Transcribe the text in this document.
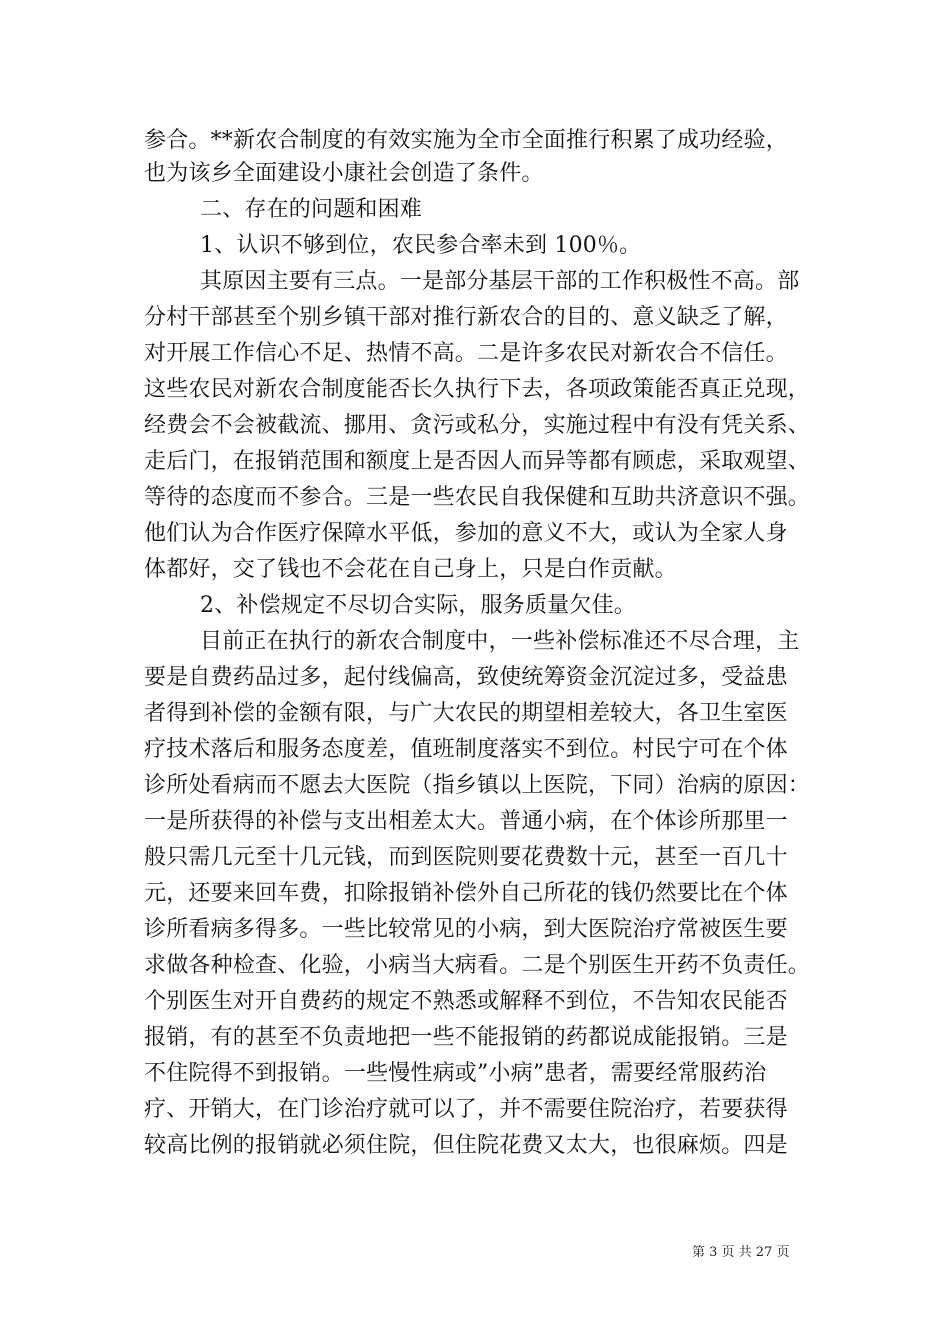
参合。**新农合制度的有效实施为全市全面推行积累了成功经验，
也为该乡全面建设小康社会创造了条件。
二、存在的问题和困难
1、认识不够到位，农民参合率未到 100％。
其原因主要有三点。一是部分基层干部的工作积极性不高。部
分村干部甚至个别乡镇干部对推行新农合的目的、意义缺乏了解，
对开展工作信心不足、热情不高。二是许多农民对新农合不信任。
这些农民对新农合制度能否长久执行下去，各项政策能否真正兑现，
经费会不会被截流、挪用、贪污或私分，实施过程中有没有凭关系、
走后门，在报销范围和额度上是否因人而异等都有顾虑，采取观望、
等待的态度而不参合。三是一些农民自我保健和互助共济意识不强。
他们认为合作医疗保障水平低，参加的意义不大，或认为全家人身
体都好，交了钱也不会花在自己身上，只是白作贡献。
2、补偿规定不尽切合实际，服务质量欠佳。
目前正在执行的新农合制度中，一些补偿标准还不尽合理，主
要是自费药品过多，起付线偏高，致使统筹资金沉淀过多，受益患
者得到补偿的金额有限，与广大农民的期望相差较大，各卫生室医
疗技术落后和服务态度差，值班制度落实不到位。村民宁可在个体
诊所处看病而不愿去大医院（指乡镇以上医院，下同）治病的原因：
一是所获得的补偿与支出相差太大。普通小病，在个体诊所那里一
般只需几元至十几元钱，而到医院则要花费数十元，甚至一百几十
元，还要来回车费，扣除报销补偿外自己所花的钱仍然要比在个体
诊所看病多得多。一些比较常见的小病，到大医院治疗常被医生要
求做各种检查、化验，小病当大病看。二是个别医生开药不负责任。
个别医生对开自费药的规定不熟悉或解释不到位，不告知农民能否
报销，有的甚至不负责地把一些不能报销的药都说成能报销。三是
不住院得不到报销。一些慢性病或”小病”患者，需要经常服药治
疗、开销大，在门诊治疗就可以了，并不需要住院治疗，若要获得
较高比例的报销就必须住院，但住院花费又太大，也很麻烦。四是
第 3 页 共 27 页
